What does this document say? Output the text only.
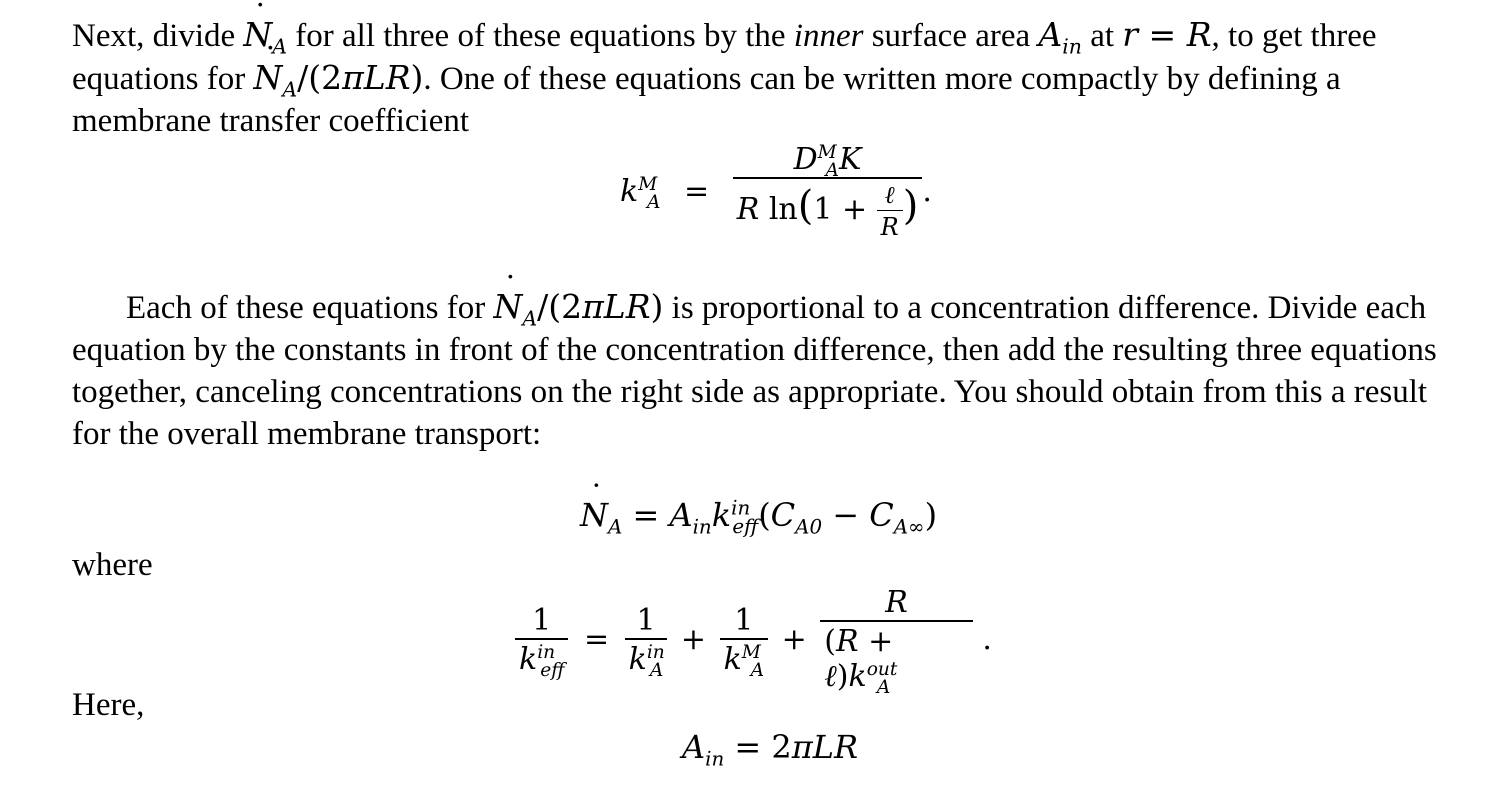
Next, divide N $˙_A$ for all three of these equations by the inner surface area $A_{in}$ at r = R, to get three equations for N $˙_A/(2\pi LR)$. One of these equations can be written more compactly by defining a membrane transfer coefficient

$k^M_A = \frac{D^M_AK}{R \ln(1 + \frac{\text{ℓ}}{R} )}$ .

Each of these equations for N $˙_A/(2\pi LR)$ is proportional to a concentration difference. Divide each equation by the constants in front of the concentration difference, then add the resulting three equations together, canceling concentrations on the right side as appropriate. You should obtain from this a result for the overall membrane transport:

N $˙_A = A_{in}k^{in}_{eff}(C_{A0} - C_{A\infty})$
where
$\frac{1}{k^{in}_{eff}} = \frac{1}{k^{in}_A} + \frac{1}{k^M_A} + \frac{R}{(R + \ell)k^{out}_A}$ .
Here,
$A_{in} = 2\pi LR$
